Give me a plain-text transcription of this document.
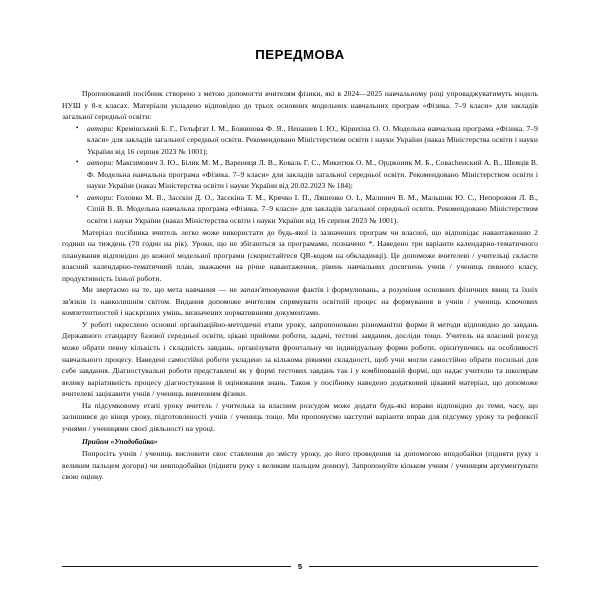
ПЕРЕДМОВА

Пропонований посібник створено з метою допомогти вчителям фізики, які в 2024—2025 навчальному році упроваджуватимуть модель НУШ у 8-х класах. Матеріали укладено відповідно до трьох основних модельних навчальних програм «Фізика. 7–9 класи» для закладів загальної середньої освіти:

• автори: Кремінський Б. Г., Гельфгат І. М., Божинова Ф. Я., Ненашев І. Ю., Кірюхіна О. О. Модельна навчальна програма «Фізика. 7–9 класи» для закладів загальної середньої освіти. Рекомендовано Міністерством освіти і науки України (наказ Міністерства освіти і науки України від 16 серпня 2023 № 1001);

• автори: Максимович З. Ю., Білик М. М., Варениця Л. В., Коваль Г. С., Микитюк О. М., Орджоник М. Б., Совachенский А. В., Шевців В. Ф. Модельна навчальна програма «Фізика. 7–9 класи» для закладів загальної середньої освіти. Рекомендовано Міністерством освіти і науки України (наказ Міністерства освіти і науки України від 20.02.2023 № 184);

• автори: Головко М. В., Засєкін Д. О., Засєкіна Т. М., Крячко І. П., Ляшенко О. І., Малинич В. М., Мальшик Ю. С., Непорожня Л. В., Сіпій В. В. Модельна навчальна програма «Фізика. 7–9 класи» для закладів загальної середньої освіти. Рекомендовано Міністерством освіти і науки України (наказ Міністерства освіти і науки України від 16 серпня 2023 № 1001).

Матеріал посібника вчитель легко може використати до будь-якої із зазначених програм чи власної, що відповідає навантаженню 2 години на тиждень (70 годин на рік). Уроки, що не збігаються за програмами, позначено *. Наведено три варіанти календарно-тематичного планування відповідно до кожної модельної програми (скористайтеся QR-кодом на обкладинці). Це допоможе вчителеві / учительці скласти власний календарно-тематичний план, зважаючи на річне навантаження, рівень навчальних досягнень учнів / учениць певного класу, продуктивність їхньої роботи.

Ми звертаємо на те, що мета навчання — не запам'ятовування фактів і формулювань, а розуміння основних фізичних явищ та їхніх зв'язків із навколишнім світом. Видання допоможе вчителям спрямувати освітній процес на формування в учнів / учениць ключових компетентностей і наскрізних умінь, визначених нормативними документами.

У роботі окреслено основні організаційно-методичні етапи уроку, запропоновано різноманітні форми й методи відповідно до завдань Державного стандарту базової середньої освіти, цікаві прийоми роботи, задачі, тестові завдання, досліди тощо. Учитель на власний розсуд може обрати певну кількість і складність завдань, організувати фронтальну чи індивідуальну форми роботи, орієнтуючись на особливості навчального процесу. Наведені самостійні роботи укладено за кількома рівнями складності, щоб учні могли самостійно обрати посильні для себе завдання. Діагностувальні роботи представлені як у формі тестових завдань так і у комбінованій формі, що надає учителю та школярам велику варіативність процесу діагностування й оцінювання знань. Також у посібнику наведено додатковий цікавий матеріал, що допоможе вчителеві зацікавити учнів / учениць вивченням фізики.

На підсумковому етапі уроку вчитель / учителька за власним розсудом може додати будь-які вправи відповідно до теми, часу, що залишився до кінця уроку, підготовленості учнів / учениць тощо. Ми пропонуємо наступні варіанти вправ для підсумку уроку та рефлексії учнями / ученицями своєї діяльності на уроці.

Прийом «Уподобайка»

Попросіть учнів / учениць висловити своє ставлення до змісту уроку, до його проведення за допомогою вподобайки (підняти руку з великим пальцем догори) чи невподобайки (підняти руку з великим пальцем донизу). Запропонуйте кільком учням / ученицям аргументувати свою оцінку.

5
